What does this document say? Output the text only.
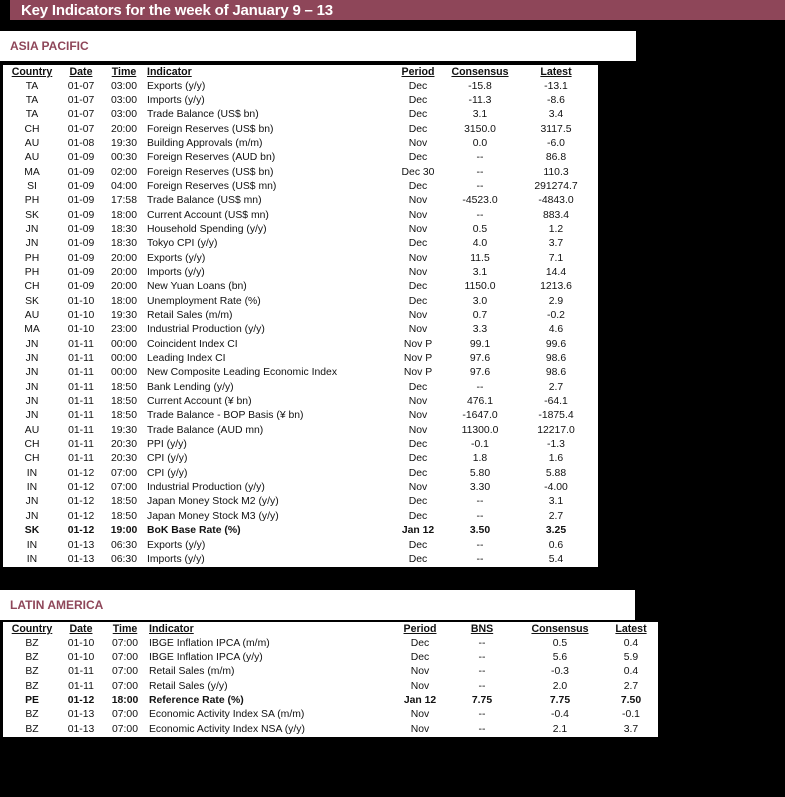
Key Indicators for the week of January 9 – 13
ASIA PACIFIC
Country	Date	Time	Indicator	Period	Consensus	Latest
TA	01-07	03:00	Exports (y/y)	Dec	-15.8	-13.1
TA	01-07	03:00	Imports (y/y)	Dec	-11.3	-8.6
TA	01-07	03:00	Trade Balance (US$ bn)	Dec	3.1	3.4
CH	01-07	20:00	Foreign Reserves (US$ bn)	Dec	3150.0	3117.5
AU	01-08	19:30	Building Approvals (m/m)	Nov	0.0	-6.0
AU	01-09	00:30	Foreign Reserves (AUD bn)	Dec	--	86.8
MA	01-09	02:00	Foreign Reserves (US$ bn)	Dec 30	--	110.3
SI	01-09	04:00	Foreign Reserves (US$ mn)	Dec	--	291274.7
PH	01-09	17:58	Trade Balance (US$ mn)	Nov	-4523.0	-4843.0
SK	01-09	18:00	Current Account (US$ mn)	Nov	--	883.4
JN	01-09	18:30	Household Spending (y/y)	Nov	0.5	1.2
JN	01-09	18:30	Tokyo CPI (y/y)	Dec	4.0	3.7
PH	01-09	20:00	Exports (y/y)	Nov	11.5	7.1
PH	01-09	20:00	Imports (y/y)	Nov	3.1	14.4
CH	01-09	20:00	New Yuan Loans (bn)	Dec	1150.0	1213.6
SK	01-10	18:00	Unemployment Rate (%)	Dec	3.0	2.9
AU	01-10	19:30	Retail Sales (m/m)	Nov	0.7	-0.2
MA	01-10	23:00	Industrial Production (y/y)	Nov	3.3	4.6
JN	01-11	00:00	Coincident Index CI	Nov P	99.1	99.6
JN	01-11	00:00	Leading Index CI	Nov P	97.6	98.6
JN	01-11	00:00	New Composite Leading Economic Index	Nov P	97.6	98.6
JN	01-11	18:50	Bank Lending (y/y)	Dec	--	2.7
JN	01-11	18:50	Current Account (¥ bn)	Nov	476.1	-64.1
JN	01-11	18:50	Trade Balance - BOP Basis (¥ bn)	Nov	-1647.0	-1875.4
AU	01-11	19:30	Trade Balance (AUD mn)	Nov	11300.0	12217.0
CH	01-11	20:30	PPI (y/y)	Dec	-0.1	-1.3
CH	01-11	20:30	CPI (y/y)	Dec	1.8	1.6
IN	01-12	07:00	CPI (y/y)	Dec	5.80	5.88
IN	01-12	07:00	Industrial Production (y/y)	Nov	3.30	-4.00
JN	01-12	18:50	Japan Money Stock M2 (y/y)	Dec	--	3.1
JN	01-12	18:50	Japan Money Stock M3 (y/y)	Dec	--	2.7
SK	01-12	19:00	BoK Base Rate (%)	Jan 12	3.50	3.25
IN	01-13	06:30	Exports (y/y)	Dec	--	0.6
IN	01-13	06:30	Imports (y/y)	Dec	--	5.4
LATIN AMERICA
Country	Date	Time	Indicator	Period	BNS	Consensus	Latest
BZ	01-10	07:00	IBGE Inflation IPCA (m/m)	Dec	--	0.5	0.4
BZ	01-10	07:00	IBGE Inflation IPCA (y/y)	Dec	--	5.6	5.9
BZ	01-11	07:00	Retail Sales (m/m)	Nov	--	-0.3	0.4
BZ	01-11	07:00	Retail Sales (y/y)	Nov	--	2.0	2.7
PE	01-12	18:00	Reference Rate (%)	Jan 12	7.75	7.75	7.50
BZ	01-13	07:00	Economic Activity Index SA (m/m)	Nov	--	-0.4	-0.1
BZ	01-13	07:00	Economic Activity Index NSA (y/y)	Nov	--	2.1	3.7
